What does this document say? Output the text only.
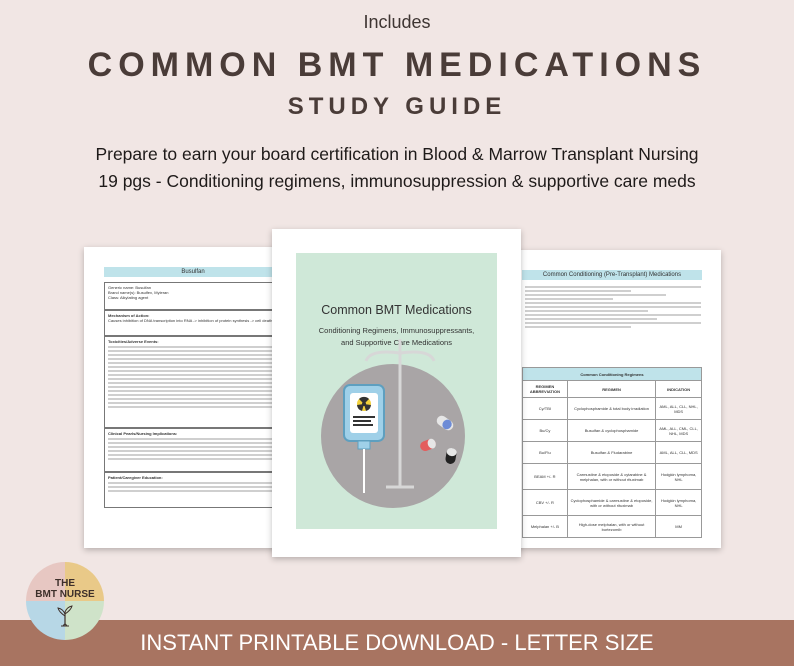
Includes
COMMON BMT MEDICATIONS
STUDY GUIDE
Prepare to earn your board certification in Blood & Marrow Transplant Nursing
19 pgs - Conditioning regimens, immunosuppression & supportive care meds
Busulfan
Generic name: Busulfan
Brand name(s): Busulfex, Myleran
Class: Alkylating agent
Mechanism of Action:
Causes inhibition of DNA transcription into RNA -> inhibition of protein synthesis -> cell death
Toxicities/Adverse Events:
Clinical Pearls/Nursing Implications:
Patient/Caregiver Education:
Common Conditioning (Pre-Transplant) Medications
Common Conditioning Regimens		
REGIMEN ABBREVIATION	REGIMEN	INDICATION
Cy/TBI	Cyclophosphamide & total body irradiation	AML, ALL, CLL, NHL, MDS
Bu/Cy	Busulfan & cyclophosphamide	AML, ALL, CML, CLL, NHL, MDS
Bu/Flu	Busulfan & Fludarabine	AML, ALL, CLL, MDS
BEAM +/- R	Carmustine & etoposide & cytarabine & melphalan, with or without rituximab	Hodgkin lymphoma, NHL
CBV +/- R	Cyclophosphamide & carmustine & etoposide, with or without rituximab	Hodgkin lymphoma, NHL
Melphalan +/- B	High-dose melphalan, with or without bortezomib	MM
Common BMT Medications
Conditioning Regimens, Immunosuppressants,
and Supportive Care Medications
INSTANT PRINTABLE DOWNLOAD - LETTER SIZE
THE
BMT NURSE
